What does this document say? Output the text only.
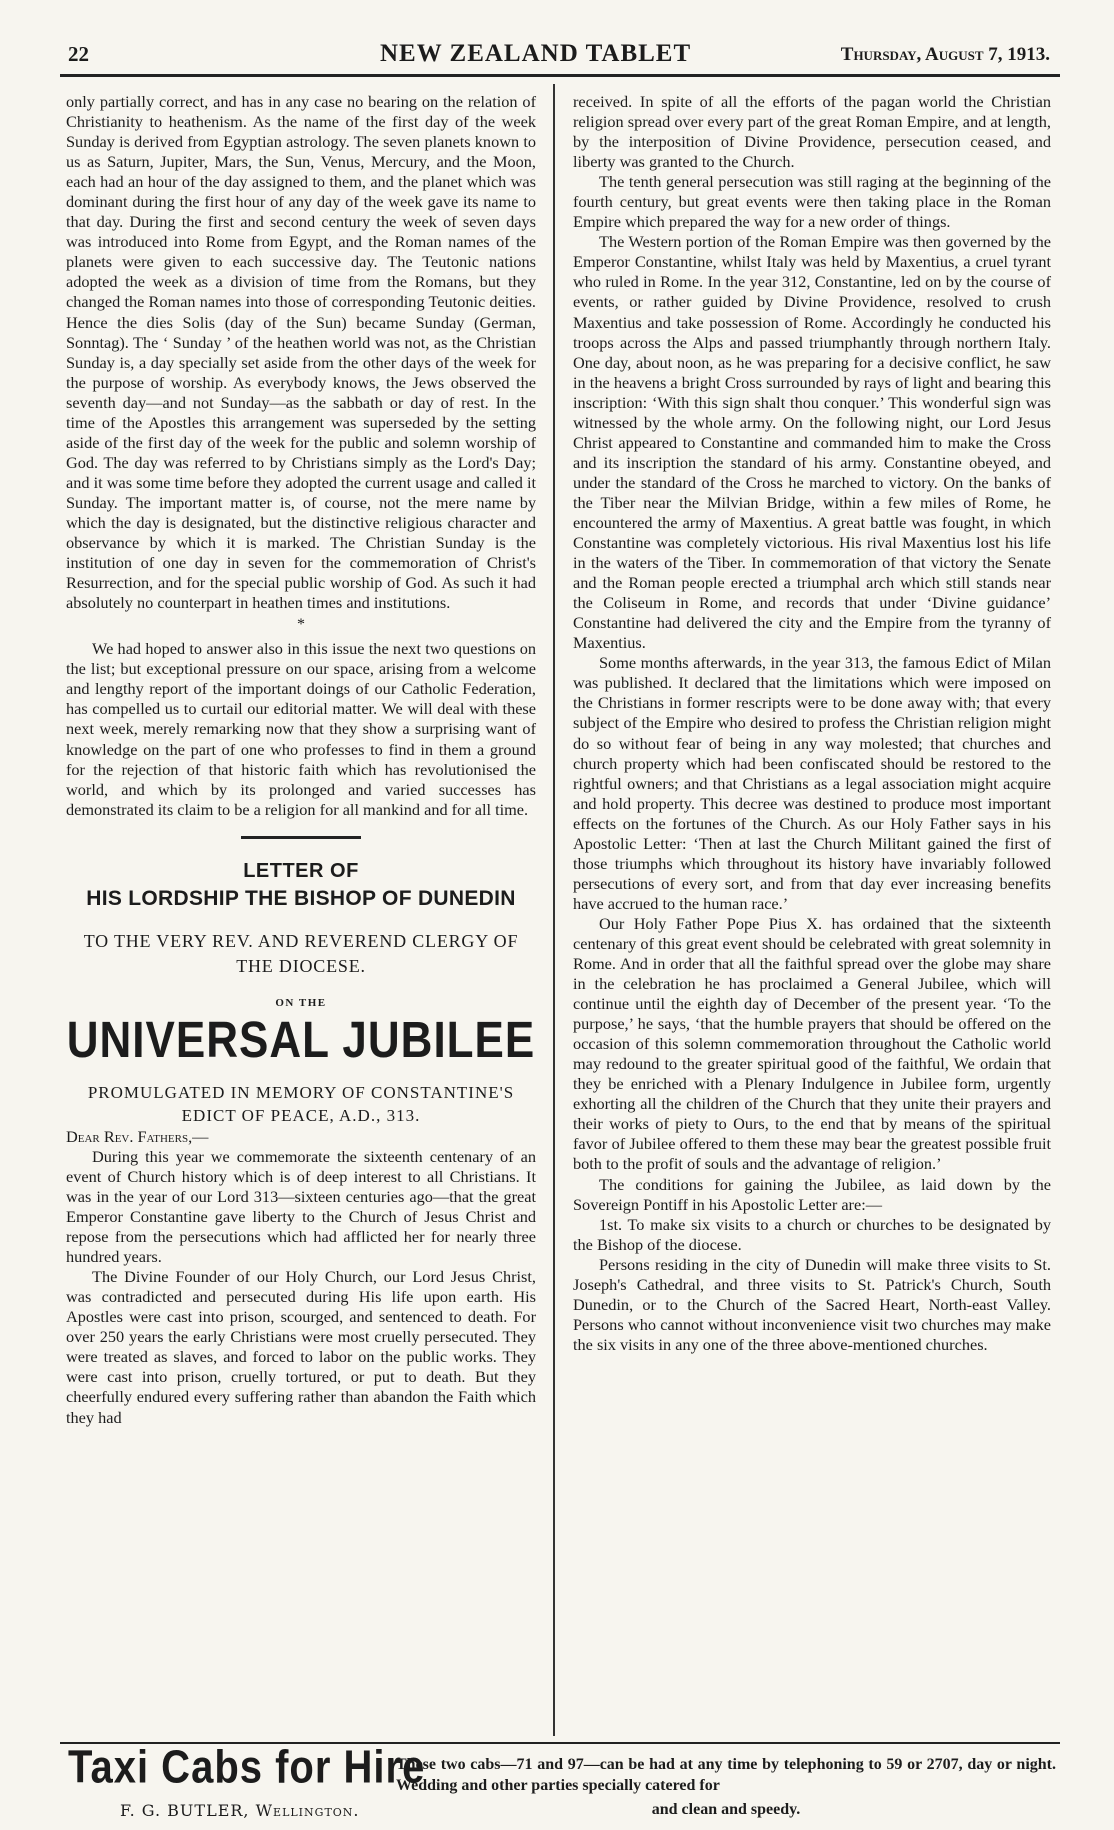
22	NEW ZEALAND TABLET	Thursday, August 7, 1913.

only partially correct, and has in any case no bearing on the relation of Christianity to heathenism. As the name of the first day of the week Sunday is derived from Egyptian astrology. The seven planets known to us as Saturn, Jupiter, Mars, the Sun, Venus, Mercury, and the Moon, each had an hour of the day assigned to them, and the planet which was dominant during the first hour of any day of the week gave its name to that day. During the first and second century the week of seven days was introduced into Rome from Egypt, and the Roman names of the planets were given to each successive day. The Teutonic nations adopted the week as a division of time from the Romans, but they changed the Roman names into those of corresponding Teutonic deities. Hence the dies Solis (day of the Sun) became Sunday (German, Sonntag). The ‘ Sunday ’ of the heathen world was not, as the Christian Sunday is, a day specially set aside from the other days of the week for the purpose of worship. As everybody knows, the Jews observed the seventh day—and not Sunday—as the sabbath or day of rest. In the time of the Apostles this arrangement was superseded by the setting aside of the first day of the week for the public and solemn worship of God. The day was referred to by Christians simply as the Lord's Day; and it was some time before they adopted the current usage and called it Sunday. The important matter is, of course, not the mere name by which the day is designated, but the distinctive religious character and observance by which it is marked. The Christian Sunday is the institution of one day in seven for the commemoration of Christ's Resurrection, and for the special public worship of God. As such it had absolutely no counterpart in heathen times and institutions.

*

We had hoped to answer also in this issue the next two questions on the list; but exceptional pressure on our space, arising from a welcome and lengthy report of the important doings of our Catholic Federation, has compelled us to curtail our editorial matter. We will deal with these next week, merely remarking now that they show a surprising want of knowledge on the part of one who professes to find in them a ground for the rejection of that historic faith which has revolutionised the world, and which by its prolonged and varied successes has demonstrated its claim to be a religion for all mankind and for all time.

LETTER OF
HIS LORDSHIP THE BISHOP OF DUNEDIN
TO THE VERY REV. AND REVEREND CLERGY OF THE DIOCESE.
ON THE
UNIVERSAL JUBILEE
PROMULGATED IN MEMORY OF CONSTANTINE'S EDICT OF PEACE, A.D., 313.

Dear Rev. Fathers,—

During this year we commemorate the sixteenth centenary of an event of Church history which is of deep interest to all Christians. It was in the year of our Lord 313—sixteen centuries ago—that the great Emperor Constantine gave liberty to the Church of Jesus Christ and repose from the persecutions which had afflicted her for nearly three hundred years.

The Divine Founder of our Holy Church, our Lord Jesus Christ, was contradicted and persecuted during His life upon earth. His Apostles were cast into prison, scourged, and sentenced to death. For over 250 years the early Christians were most cruelly persecuted. They were treated as slaves, and forced to labor on the public works. They were cast into prison, cruelly tortured, or put to death. But they cheerfully endured every suffering rather than abandon the Faith which they had

received. In spite of all the efforts of the pagan world the Christian religion spread over every part of the great Roman Empire, and at length, by the interposition of Divine Providence, persecution ceased, and liberty was granted to the Church.

The tenth general persecution was still raging at the beginning of the fourth century, but great events were then taking place in the Roman Empire which prepared the way for a new order of things.

The Western portion of the Roman Empire was then governed by the Emperor Constantine, whilst Italy was held by Maxentius, a cruel tyrant who ruled in Rome. In the year 312, Constantine, led on by the course of events, or rather guided by Divine Providence, resolved to crush Maxentius and take possession of Rome. Accordingly he conducted his troops across the Alps and passed triumphantly through northern Italy. One day, about noon, as he was preparing for a decisive conflict, he saw in the heavens a bright Cross surrounded by rays of light and bearing this inscription: ‘With this sign shalt thou conquer.’ This wonderful sign was witnessed by the whole army. On the following night, our Lord Jesus Christ appeared to Constantine and commanded him to make the Cross and its inscription the standard of his army. Constantine obeyed, and under the standard of the Cross he marched to victory. On the banks of the Tiber near the Milvian Bridge, within a few miles of Rome, he encountered the army of Maxentius. A great battle was fought, in which Constantine was completely victorious. His rival Maxentius lost his life in the waters of the Tiber. In commemoration of that victory the Senate and the Roman people erected a triumphal arch which still stands near the Coliseum in Rome, and records that under ‘Divine guidance’ Constantine had delivered the city and the Empire from the tyranny of Maxentius.

Some months afterwards, in the year 313, the famous Edict of Milan was published. It declared that the limitations which were imposed on the Christians in former rescripts were to be done away with; that every subject of the Empire who desired to profess the Christian religion might do so without fear of being in any way molested; that churches and church property which had been confiscated should be restored to the rightful owners; and that Christians as a legal association might acquire and hold property. This decree was destined to produce most important effects on the fortunes of the Church. As our Holy Father says in his Apostolic Letter: ‘Then at last the Church Militant gained the first of those triumphs which throughout its history have invariably followed persecutions of every sort, and from that day ever increasing benefits have accrued to the human race.’

Our Holy Father Pope Pius X. has ordained that the sixteenth centenary of this great event should be celebrated with great solemnity in Rome. And in order that all the faithful spread over the globe may share in the celebration he has proclaimed a General Jubilee, which will continue until the eighth day of December of the present year. ‘To the purpose,’ he says, ‘that the humble prayers that should be offered on the occasion of this solemn commemoration throughout the Catholic world may redound to the greater spiritual good of the faithful, We ordain that they be enriched with a Plenary Indulgence in Jubilee form, urgently exhorting all the children of the Church that they unite their prayers and their works of piety to Ours, to the end that by means of the spiritual favor of Jubilee offered to them these may bear the greatest possible fruit both to the profit of souls and the advantage of religion.’

The conditions for gaining the Jubilee, as laid down by the Sovereign Pontiff in his Apostolic Letter are:—

1st. To make six visits to a church or churches to be designated by the Bishop of the diocese.

Persons residing in the city of Dunedin will make three visits to St. Joseph's Cathedral, and three visits to St. Patrick's Church, South Dunedin, or to the Church of the Sacred Heart, North-east Valley. Persons who cannot without inconvenience visit two churches may make the six visits in any one of the three above-mentioned churches.

Taxi Cabs for Hire
F. G. BUTLER, Wellington.
These two cabs—71 and 97—can be had at any time by telephoning to 59 or 2707, day or night. Wedding and other parties specially catered for
and clean and speedy.
